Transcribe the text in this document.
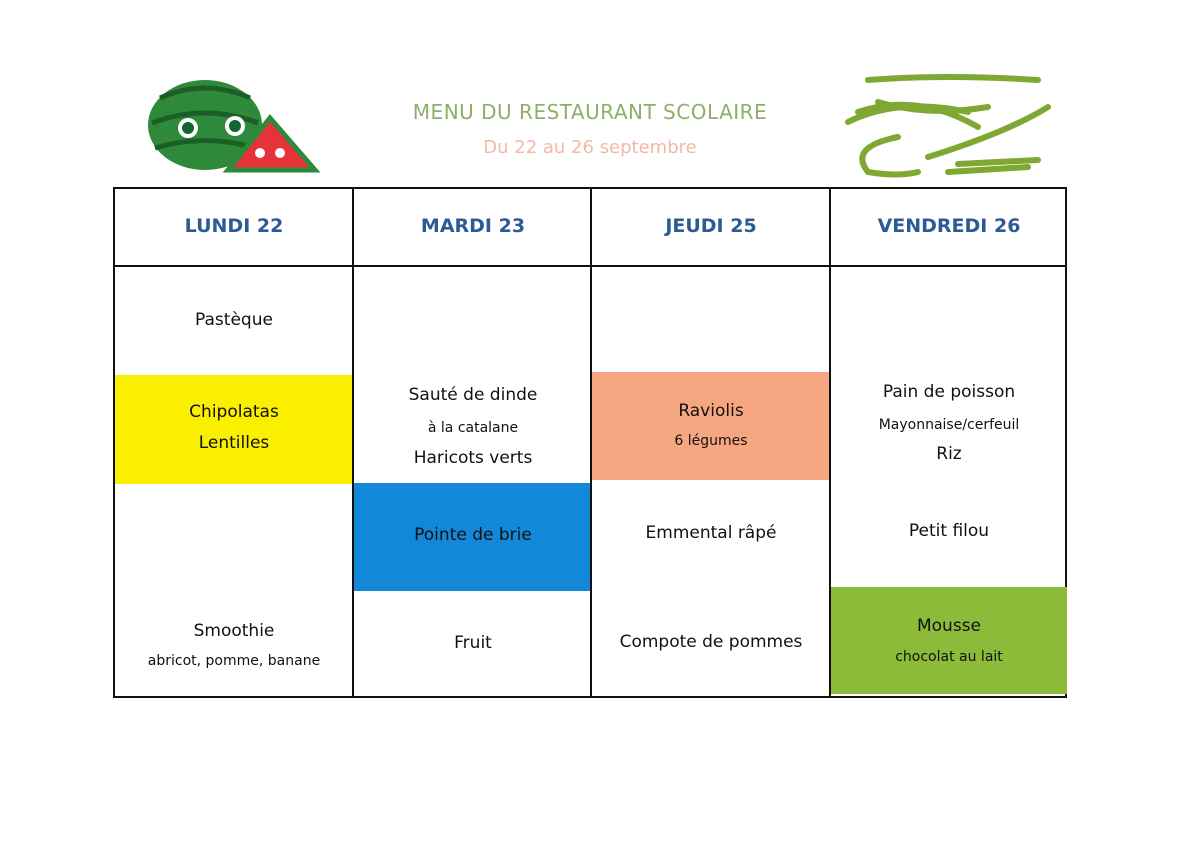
MENU DU RESTAURANT SCOLAIRE
Du 22 au 26 septembre
LUNDI 22
Pastèque
Chipolatas
Lentilles
Smoothie
abricot, pomme, banane
MARDI 23
Sauté de dinde
à la catalane
Haricots verts
Pointe de brie
Fruit
JEUDI 25
Raviolis
6 légumes
Emmental râpé
Compote de pommes
VENDREDI 26
Pain de poisson
Mayonnaise/cerfeuil
Riz
Petit filou
Mousse
chocolat au lait
